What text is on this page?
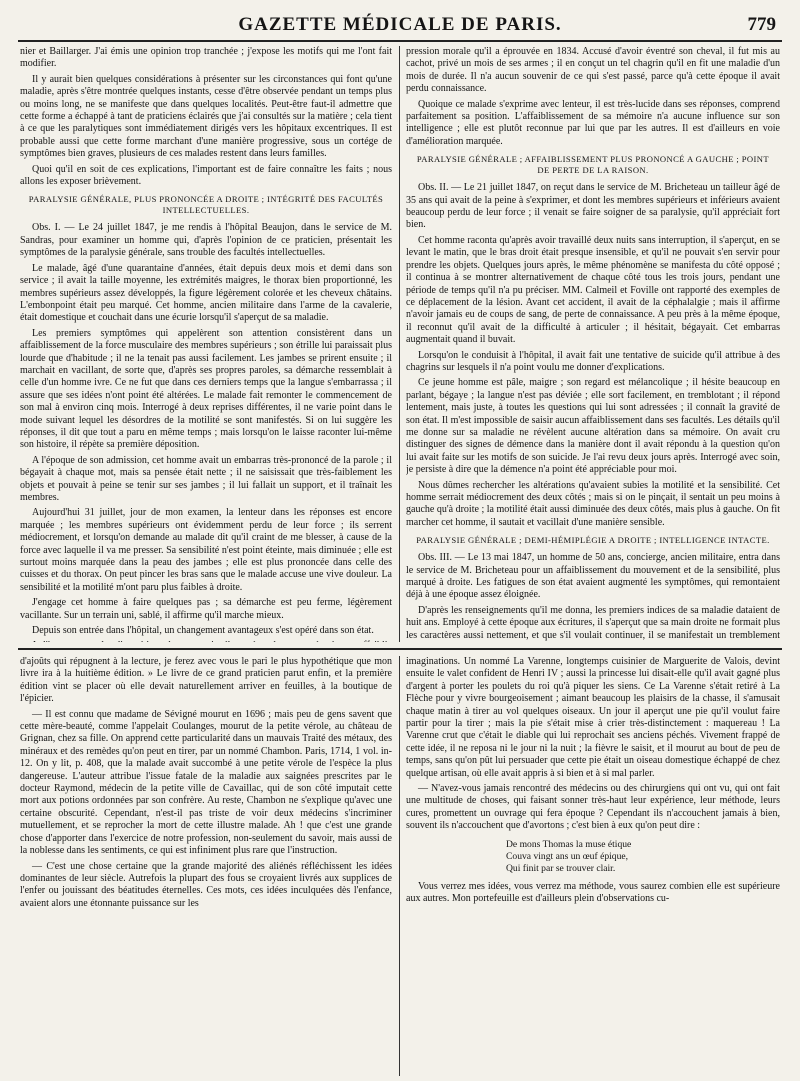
GAZETTE MÉDICALE DE PARIS.	779

nier et Baillarger. J'ai émis une opinion trop tranchée ; j'expose les motifs qui me l'ont fait modifier.

Il y aurait bien quelques considérations à présenter sur les circonstances qui font qu'une maladie, après s'être montrée quelques instants, cesse d'être observée pendant un temps plus ou moins long, ne se manifeste que dans quelques localités. Peut-être faut-il admettre que cette forme a échappé à tant de praticiens éclairés que j'ai consultés sur la matière ; cela tient à ce que les paralytiques sont immédiatement dirigés vers les hôpitaux excentriques. Il est probable aussi que cette forme marchant d'une manière progressive, sous un cortége de symptômes bien graves, plusieurs de ces malades restent dans leurs familles.

Quoi qu'il en soit de ces explications, l'important est de faire connaître les faits ; nous allons les exposer brièvement.

PARALYSIE GÉNÉRALE, PLUS PRONONCÉE A DROITE ; INTÉGRITÉ DES FACULTÉS INTELLECTUELLES.

Obs. I. — Le 24 juillet 1847, je me rendis à l'hôpital Beaujon, dans le service de M. Sandras, pour examiner un homme qui, d'après l'opinion de ce praticien, présentait les symptômes de la paralysie générale, sans trouble des facultés intellectuelles.

Le malade, âgé d'une quarantaine d'années, était depuis deux mois et demi dans son service ; il avait la taille moyenne, les extrémités maigres, le thorax bien proportionné, les membres supérieurs assez développés, la figure légèrement colorée et les cheveux châtains. L'embonpoint était peu marqué. Cet homme, ancien militaire dans l'arme de la cavalerie, était domestique et couchait dans une écurie lorsqu'il s'aperçut de sa maladie.

Les premiers symptômes qui appelèrent son attention consistèrent dans un affaiblissement de la force musculaire des membres supérieurs ; son étrille lui paraissait plus lourde que d'habitude ; il ne la tenait pas aussi facilement. Les jambes se prirent ensuite ; il marchait en vacillant, de sorte que, d'après ses propres paroles, sa démarche ressemblait à celle d'un homme ivre. Ce ne fut que dans ces derniers temps que la langue s'embarrassa ; il assure que ses idées n'ont point été altérées. Le malade fait remonter le commencement de son mal à environ cinq mois. Interrogé à deux reprises différentes, il ne varie point dans le mode suivant lequel les désordres de la motilité se sont manifestés. Si on lui suggère les réponses, il dit que tout a paru en même temps ; mais lorsqu'on le laisse raconter lui-même son histoire, il répète sa première déposition.

A l'époque de son admission, cet homme avait un embarras très-prononcé de la parole ; il bégayait à chaque mot, mais sa pensée était nette ; il ne saisissait que très-faiblement les objets et pouvait à peine se tenir sur ses jambes ; il lui fallait un support, et il traînait les membres.

Aujourd'hui 31 juillet, jour de mon examen, la lenteur dans les réponses est encore marquée ; les membres supérieurs ont évidemment perdu de leur force ; ils serrent médiocrement, et lorsqu'on demande au malade dit qu'il craint de me blesser, à cause de la force avec laquelle il va me presser. Sa sensibilité n'est point éteinte, mais diminuée ; elle est surtout moins marquée dans la peau des jambes ; elle est plus prononcée dans celle des cuisses et du thorax. On peut pincer les bras sans que le malade accuse une vive douleur. La sensibilité et la motilité m'ont paru plus faibles à droite.

J'engage cet homme à faire quelques pas ; sa démarche est peu ferme, légèrement vacillante. Sur un terrain uni, sablé, il affirme qu'il marche mieux.

Depuis son entrée dans l'hôpital, un changement avantageux s'est opéré dans son état.

pression morale qu'il a éprouvée en 1834. Accusé d'avoir éventré son cheval, il fut mis au cachot, privé un mois de ses armes ; il en conçut un tel chagrin qu'il en fit une maladie d'un mois de durée. Il n'a aucun souvenir de ce qui s'est passé, parce qu'à cette époque il avait perdu connaissance.

Quoique ce malade s'exprime avec lenteur, il est très-lucide dans ses réponses, comprend parfaitement sa position. L'affaiblissement de sa mémoire n'a aucune influence sur son intelligence ; elle est plutôt reconnue par lui que par les autres. Il est d'ailleurs en voie d'amélioration marquée.

PARALYSIE GÉNÉRALE ; AFFAIBLISSEMENT PLUS PRONONCÉ A GAUCHE ; POINT DE PERTE DE LA RAISON.

Obs. II. — Le 21 juillet 1847, on reçut dans le service de M. Bricheteau un tailleur âgé de 35 ans qui avait de la peine à s'exprimer, et dont les membres supérieurs et inférieurs avaient beaucoup perdu de leur force ; il venait se faire soigner de sa paralysie, qu'il appréciait fort bien.

Cet homme raconta qu'après avoir travaillé deux nuits sans interruption, il s'aperçut, en se levant le matin, que le bras droit était presque insensible, et qu'il ne pouvait s'en servir pour prendre les objets. Quelques jours après, le même phénomène se manifesta du côté opposé ; il continua à se montrer alternativement de chaque côté tous les trois jours, pendant une période de temps qu'il n'a pu préciser. MM. Calmeil et Foville ont rapporté des exemples de ce déplacement de la lésion. Avant cet accident, il avait de la céphalalgie ; mais il affirme n'avoir jamais eu de coups de sang, de perte de connaissance. A peu près à la même époque, il reconnut qu'il avait de la difficulté à articuler ; il hésitait, bégayait. Cet embarras augmentait quand il buvait.

Lorsqu'on le conduisit à l'hôpital, il avait fait une tentative de suicide qu'il attribue à des chagrins sur lesquels il n'a point voulu me donner d'explications.

Ce jeune homme est pâle, maigre ; son regard est mélancolique ; il hésite beaucoup en parlant, bégaye ; la langue n'est pas déviée ; elle sort facilement, en tremblotant ; il répond lentement, mais juste, à toutes les questions qui lui sont adressées ; il connaît la gravité de son état. Il m'est impossible de saisir aucun affaiblissement dans ses facultés. Les détails qu'il me donne sur sa maladie ne révèlent aucune altération dans sa mémoire. On avait cru distinguer des signes de démence dans la manière dont il avait répondu à la question qu'on lui avait faite sur les motifs de son suicide. Je l'ai revu deux jours après. Interrogé avec soin, je persiste à dire que la démence n'a point été appréciable pour moi.

Nous dûmes rechercher les altérations qu'avaient subies la motilité et la sensibilité. Cet homme serrait médiocrement des deux côtés ; mais si on le pinçait, il sentait un peu moins à gauche qu'à droite ; la motilité était aussi diminuée des deux côtés, mais plus à gauche. On fit marcher cet homme, il sautait et vacillait d'une manière sensible.

PARALYSIE GÉNÉRALE ; DEMI-HÉMIPLÉGIE A DROITE ; INTELLIGENCE INTACTE.

Obs. III. — Le 13 mai 1847, un homme de 50 ans, concierge, ancien militaire, entra dans le service de M. Bricheteau pour un affaiblissement du mouvement et de la sensibilité, plus marqué à droite. Les fatigues de son état avaient augmenté les symptômes, qui remontaient déjà à une époque assez éloignée.

D'après les renseignements qu'il me donna, les premiers indices de sa maladie dataient de huit ans. Employé à cette époque aux écritures, il s'aperçut que sa main droite ne formait plus les caractères aussi nettement, et que s'il voulait continuer, il se manifestait un tremblement

d'ajoûts qui répugnent à la lecture, je ferez avec vous le pari le plus hypothétique que mon livre ira à la huitième édition. » Le livre de ce grand praticien parut enfin, et la première édition vint se placer où elle devait naturellement arriver en feuilles, à la boutique de l'épicier.

— Il est connu que madame de Sévigné mourut en 1696 ; mais peu de gens savent que cette mère-beauté, comme l'appelait Coulanges, mourut de la petite vérole, au château de Grignan, chez sa fille. On apprend cette particularité dans un mauvais Traité des métaux, des minéraux et des remèdes qu'on peut en tirer, par un nommé Chambon. Paris, 1714, 1 vol. in-12. On y lit, p. 408, que la malade avait succombé à une petite vérole de l'espèce la plus dangereuse. L'auteur attribue l'issue fatale de la maladie aux saignées prescrites par le docteur Raymond, médecin de la petite ville de Cavaillac, qui de son côté imputait cette mort aux potions ordonnées par son confrère. Au reste, Chambon ne s'explique qu'avec une certaine obscurité. Cependant, n'est-il pas triste de voir deux médecins s'incriminer mutuellement, et se reprocher la mort de cette illustre malade. Ah ! que c'est une grande chose d'apporter dans l'exercice de notre profession, non-seulement du savoir, mais aussi de la noblesse dans les sentiments, ce qui est infiniment plus rare que l'instruction.

— C'est une chose certaine que la grande majorité des aliénés réfléchissent les idées dominantes de leur siècle. Autrefois la plupart des fous se croyaient livrés aux supplices de l'enfer ou jouissant des béatitudes éternelles. Ces mots, ces idées inculquées dès l'enfance, avaient alors une étonnante puissance sur les

imaginations. Un nommé La Varenne, longtemps cuisinier de Marguerite de Valois, devint ensuite le valet confident de Henri IV ; aussi la princesse lui disait-elle qu'il avait gagné plus d'argent à porter les poulets du roi qu'à piquer les siens. Ce La Varenne s'était retiré à La Flèche pour y vivre bourgeoisement ; aimant beaucoup les plaisirs de la chasse, il s'amusait chaque matin à tirer au vol quelques oiseaux. Un jour il aperçut une pie qu'il voulut faire partir pour la tirer ; mais la pie s'était mise à crier très-distinctement : maquereau ! La Varenne crut que c'était le diable qui lui reprochait ses anciens péchés. Vivement frappé de cette idée, il ne reposa ni le jour ni la nuit ; la fièvre le saisit, et il mourut au bout de peu de temps, sans qu'on pût lui persuader que cette pie était un oiseau domestique échappé de chez quelque artisan, où elle avait appris à si bien et à si mal parler.

— N'avez-vous jamais rencontré des médecins ou des chirurgiens qui ont vu, qui ont fait une multitude de choses, qui faisant sonner très-haut leur expérience, leur méthode, leurs cures, promettent un ouvrage qui fera époque ? Cependant ils n'accouchent jamais à bien, souvent ils n'accouchent que d'avortons ; c'est bien à eux qu'on peut dire :

De mons Thomas la muse étique
Couva vingt ans un œuf épique,
Qui finit par se trouver clair.

Vous verrez mes idées, vous verrez ma méthode, vous saurez combien elle est supérieure aux autres. Mon portefeuille est d'ailleurs plein d'observations cu-
